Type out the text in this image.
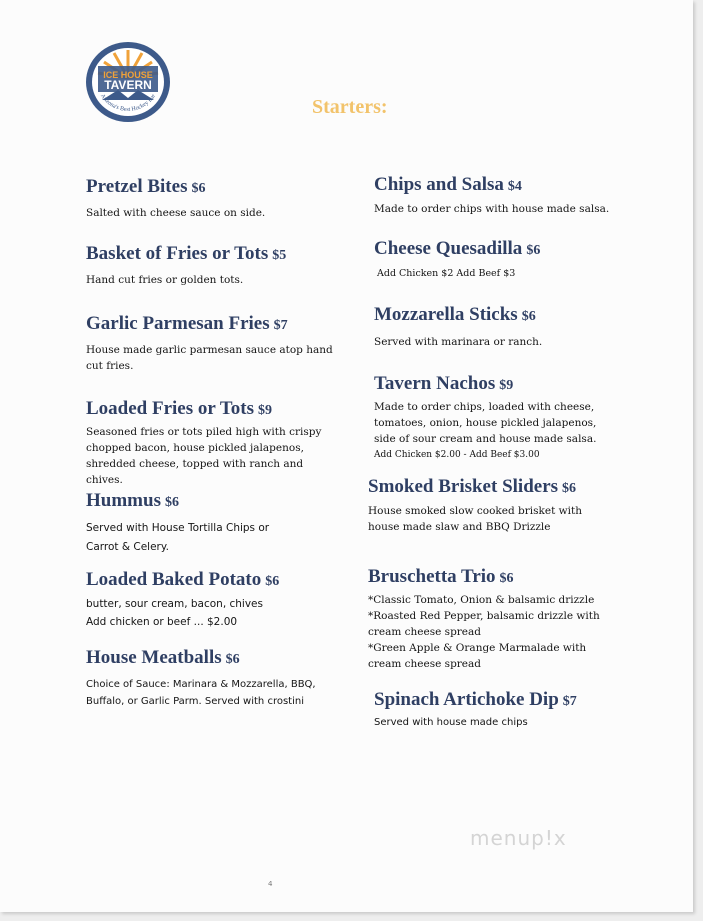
ICE HOUSE
TAVERN
Arizona's Best Hockey Bar
Starters:
Pretzel Bites $6
Salted with cheese sauce on side.
Basket of Fries or Tots $5
Hand cut fries or golden tots.
Garlic Parmesan Fries $7
House made garlic parmesan sauce atop hand
cut fries.
Loaded Fries or Tots $9
Seasoned fries or tots piled high with crispy
chopped bacon, house pickled jalapenos,
shredded cheese, topped with ranch and
chives.
Hummus $6
Served with House Tortilla Chips or
Carrot & Celery.
Loaded Baked Potato $6
butter, sour cream, bacon, chives
Add chicken or beef ... $2.00
House Meatballs $6
Choice of Sauce: Marinara & Mozzarella, BBQ,
Buffalo, or Garlic Parm. Served with crostini
Chips and Salsa $4
Made to order chips with house made salsa.
Cheese Quesadilla $6
Add Chicken $2 Add Beef $3
Mozzarella Sticks $6
Served with marinara or ranch.
Tavern Nachos $9
Made to order chips, loaded with cheese,
tomatoes, onion, house pickled jalapenos,
side of sour cream and house made salsa.
Add Chicken $2.00 - Add Beef $3.00
Smoked Brisket Sliders $6
House smoked slow cooked brisket with
house made slaw and BBQ Drizzle
Bruschetta Trio $6
*Classic Tomato, Onion & balsamic drizzle
*Roasted Red Pepper, balsamic drizzle with
cream cheese spread
*Green Apple & Orange Marmalade with
cream cheese spread
Spinach Artichoke Dip $7
Served with house made chips
menup!x
4
